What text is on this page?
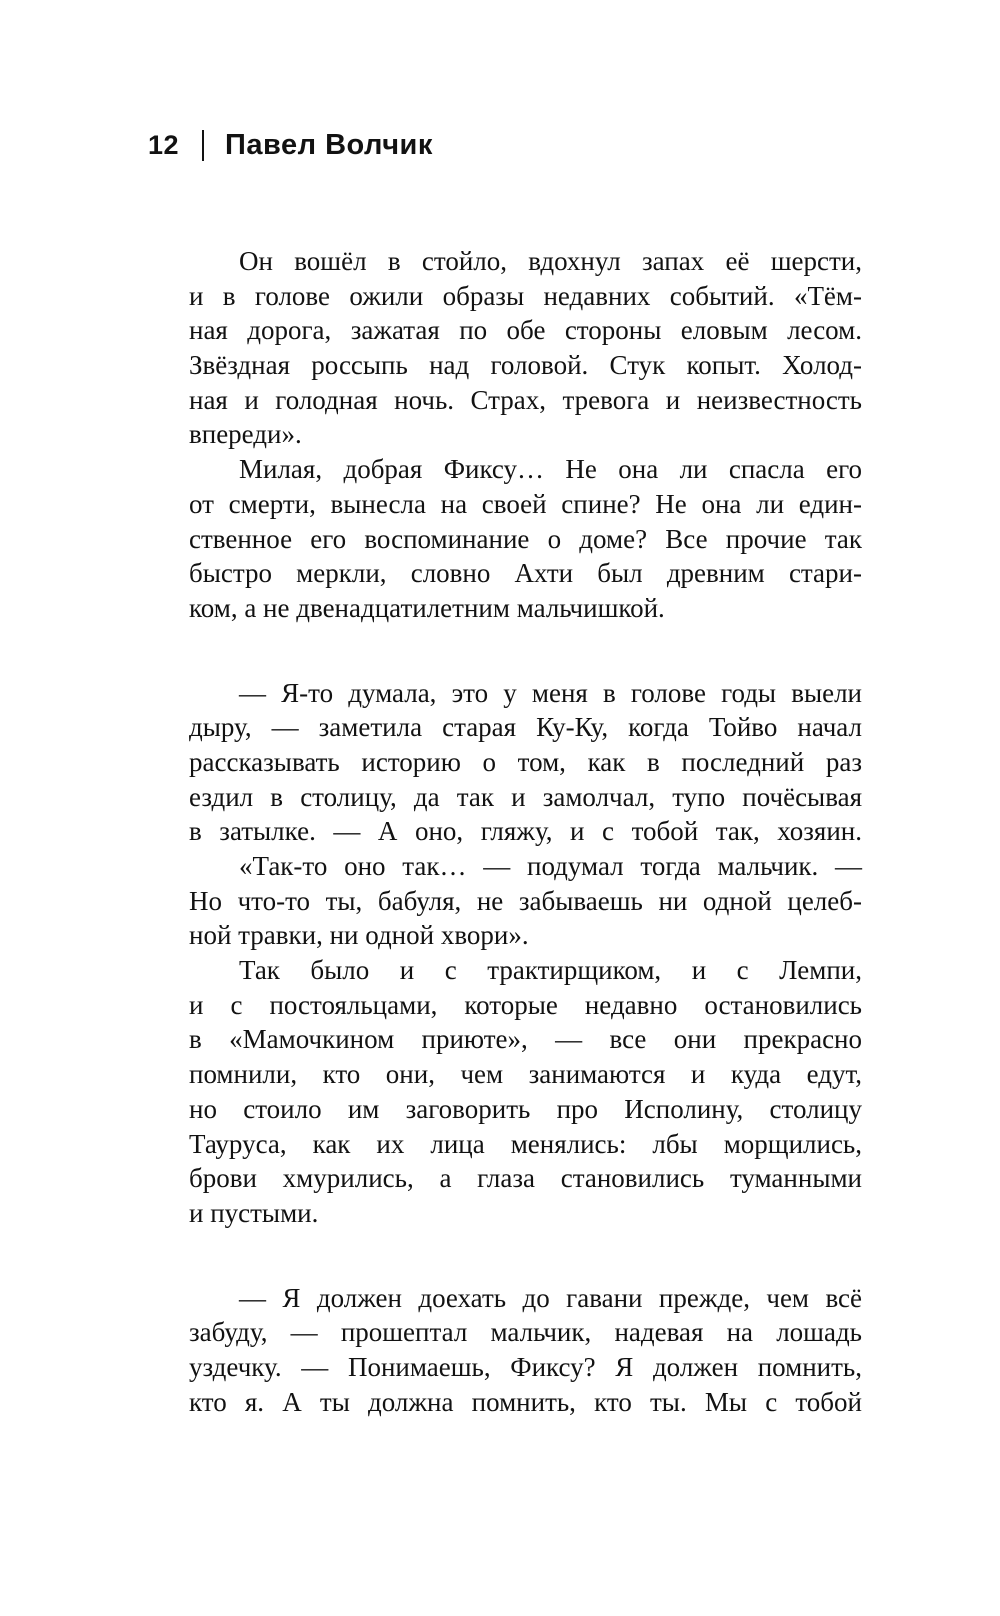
12 Павел Волчик
Он вошёл в стойло, вдохнул запах её шерсти,
и в голове ожили образы недавних событий. «Тём-
ная дорога, зажатая по обе стороны еловым лесом.
Звёздная россыпь над головой. Стук копыт. Холод-
ная и голодная ночь. Страх, тревога и неизвестность
впереди».
Милая, добрая Фиксу… Не она ли спасла его
от смерти, вынесла на своей спине? Не она ли един-
ственное его воспоминание о доме? Все прочие так
быстро меркли, словно Ахти был древним стари-
ком, а не двенадцатилетним мальчишкой.
— Я-то думала, это у меня в голове годы выели
дыру, — заметила старая Ку-Ку, когда Тойво начал
рассказывать историю о том, как в последний раз
ездил в столицу, да так и замолчал, тупо почёсывая
в затылке. — А оно, гляжу, и с тобой так, хозяин.
«Так-то оно так… — подумал тогда мальчик. —
Но что-то ты, бабуля, не забываешь ни одной целеб-
ной травки, ни одной хвори».
Так было и с трактирщиком, и с Лемпи,
и с постояльцами, которые недавно остановились
в «Мамочкином приюте», — все они прекрасно
помнили, кто они, чем занимаются и куда едут,
но стоило им заговорить про Исполину, столицу
Тауруса, как их лица менялись: лбы морщились,
брови хмурились, а глаза становились туманными
и пустыми.
— Я должен доехать до гавани прежде, чем всё
забуду, — прошептал мальчик, надевая на лошадь
уздечку. — Понимаешь, Фиксу? Я должен помнить,
кто я. А ты должна помнить, кто ты. Мы с тобой
